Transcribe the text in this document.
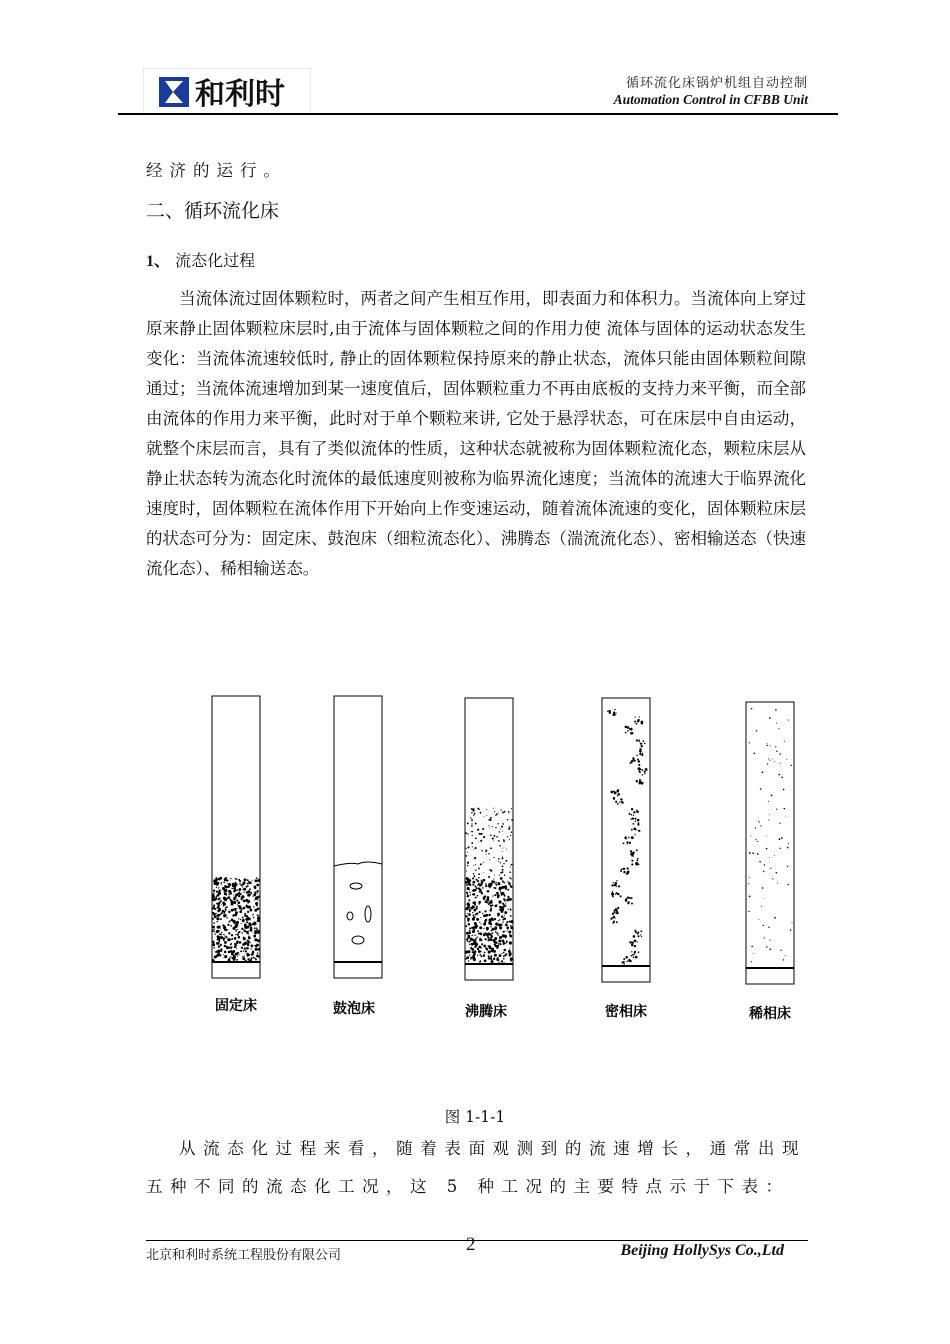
和利时	循环流化床锅炉机组自动控制
Automation Control in CFBB Unit
经济的运行。
二、循环流化床
1、 流态化过程
当流体流过固体颗粒时，两者之间产生相互作用，即表面力和体积力。当流体向上穿过原来静止固体颗粒床层时,由于流体与固体颗粒之间的作用力使 流体与固体的运动状态发生变化：当流体流速较低时, 静止的固体颗粒保持原来的静止状态，流体只能由固体颗粒间隙通过；当流体流速增加到某一速度值后，固体颗粒重力不再由底板的支持力来平衡，而全部由流体的作用力来平衡，此时对于单个颗粒来讲, 它处于悬浮状态，可在床层中自由运动，就整个床层而言，具有了类似流体的性质，这种状态就被称为固体颗粒流化态，颗粒床层从静止状态转为流态化时流体的最低速度则被称为临界流化速度；当流体的流速大于临界流化速度时，固体颗粒在流体作用下开始向上作变速运动，随着流体流速的变化，固体颗粒床层的状态可分为：固定床、鼓泡床（细粒流态化）、沸腾态（湍流流化态）、密相输送态（快速流化态）、稀相输送态。
固定床	鼓泡床	沸腾床	密相床	稀相床
图 1-1-1
从流态化过程来看，随着表面观测到的流速增长，通常出现五种不同的流态化工况，这 5 种工况的主要特点示于下表：
北京和利时系统工程股份有限公司
2	Beijing HollySys Co.,Ltd
